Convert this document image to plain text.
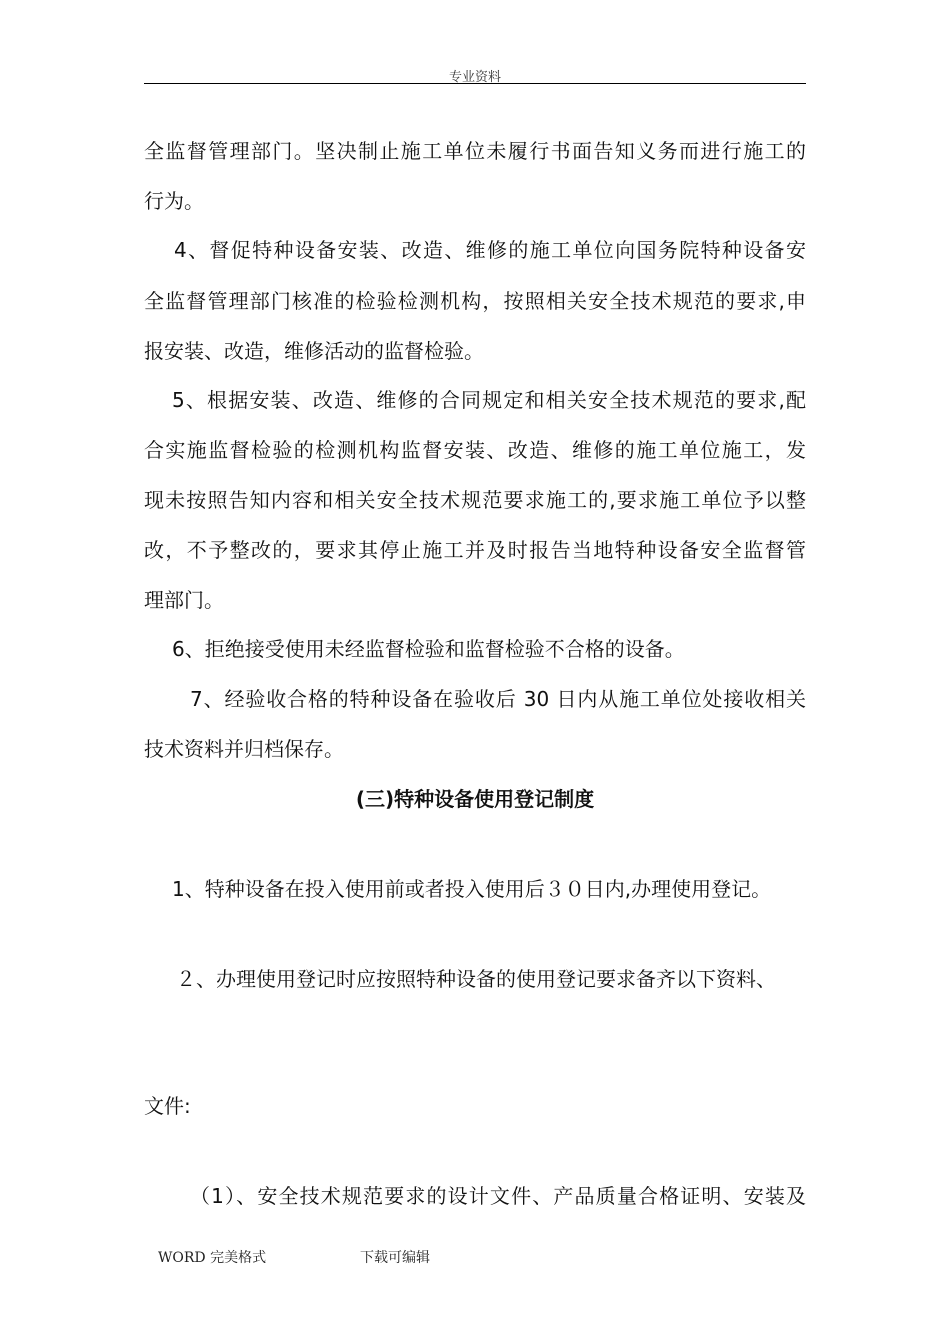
专业资料
全监督管理部门。坚决制止施工单位未履行书面告知义务而进行施工的
行为。
4、督促特种设备安装、改造、维修的施工单位向国务院特种设备安
全监督管理部门核准的检验检测机构，按照相关安全技术规范的要求,申
报安装、改造，维修活动的监督检验。
5、根据安装、改造、维修的合同规定和相关安全技术规范的要求,配
合实施监督检验的检测机构监督安装、改造、维修的施工单位施工，发
现未按照告知内容和相关安全技术规范要求施工的,要求施工单位予以整
改，不予整改的，要求其停止施工并及时报告当地特种设备安全监督管
理部门。
6、拒绝接受使用未经监督检验和监督检验不合格的设备。
7、经验收合格的特种设备在验收后 30 日内从施工单位处接收相关
技术资料并归档保存。
(三)特种设备使用登记制度
1、特种设备在投入使用前或者投入使用后３０日内,办理使用登记。
２、办理使用登记时应按照特种设备的使用登记要求备齐以下资料、
文件:
（1）、安全技术规范要求的设计文件、产品质量合格证明、安装及
WORD 完美格式	下载可编辑
